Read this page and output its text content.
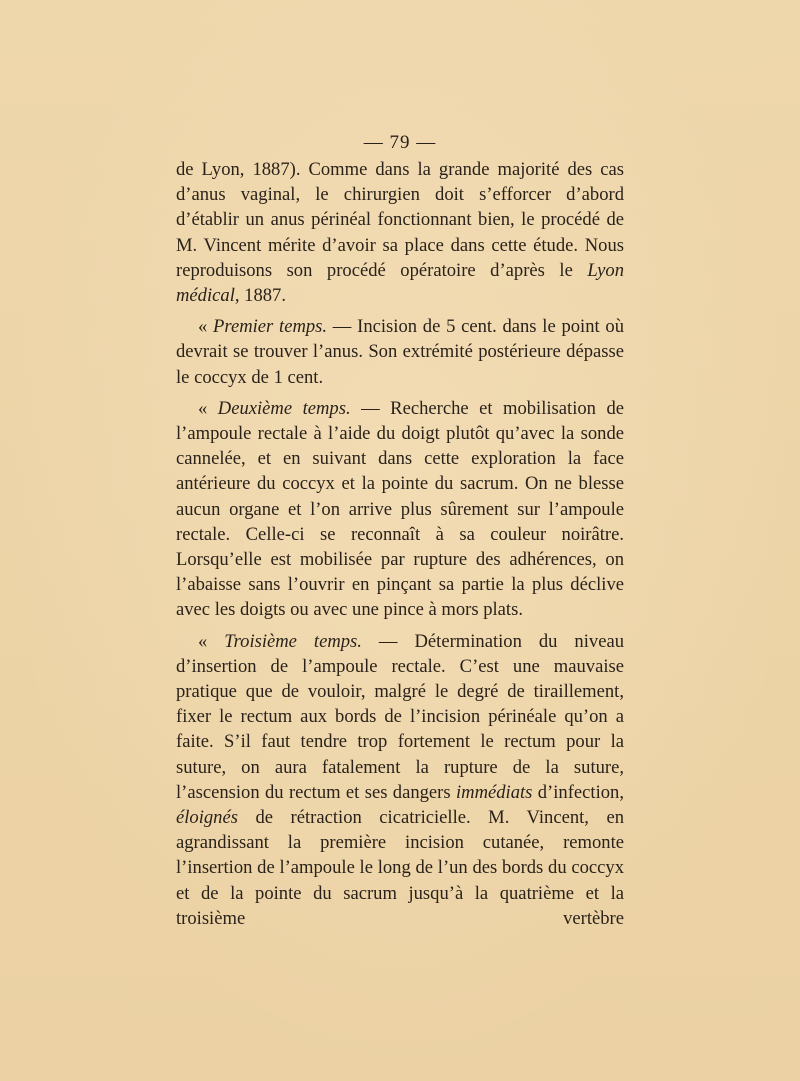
— 79 —

de Lyon, 1887). Comme dans la grande majorité des cas d’anus vaginal, le chirurgien doit s’efforcer d’abord d’établir un anus périnéal fonctionnant bien, le procédé de M. Vincent mérite d’avoir sa place dans cette étude. Nous reproduisons son procédé opératoire d’après le Lyon médical, 1887.

« Premier temps. — Incision de 5 cent. dans le point où devrait se trouver l’anus. Son extrémité postérieure dépasse le coccyx de 1 cent.

« Deuxième temps. — Recherche et mobilisation de l’ampoule rectale à l’aide du doigt plutôt qu’avec la sonde cannelée, et en suivant dans cette exploration la face antérieure du coccyx et la pointe du sacrum. On ne blesse aucun organe et l’on arrive plus sûrement sur l’ampoule rectale. Celle-ci se reconnaît à sa couleur noirâtre. Lorsqu’elle est mobilisée par rupture des adhérences, on l’abaisse sans l’ouvrir en pinçant sa partie la plus déclive avec les doigts ou avec une pince à mors plats.

« Troisième temps. — Détermination du niveau d’insertion de l’ampoule rectale. C’est une mauvaise pratique que de vouloir, malgré le degré de tiraillement, fixer le rectum aux bords de l’incision périnéale qu’on a faite. S’il faut tendre trop fortement le rectum pour la suture, on aura fatalement la rupture de la suture, l’ascension du rectum et ses dangers immédiats d’infection, éloignés de rétraction cicatricielle. M. Vincent, en agrandissant la première incision cutanée, remonte l’insertion de l’ampoule le long de l’un des bords du coccyx et de la pointe du sacrum jusqu’à la quatrième et la troisième vertèbre
